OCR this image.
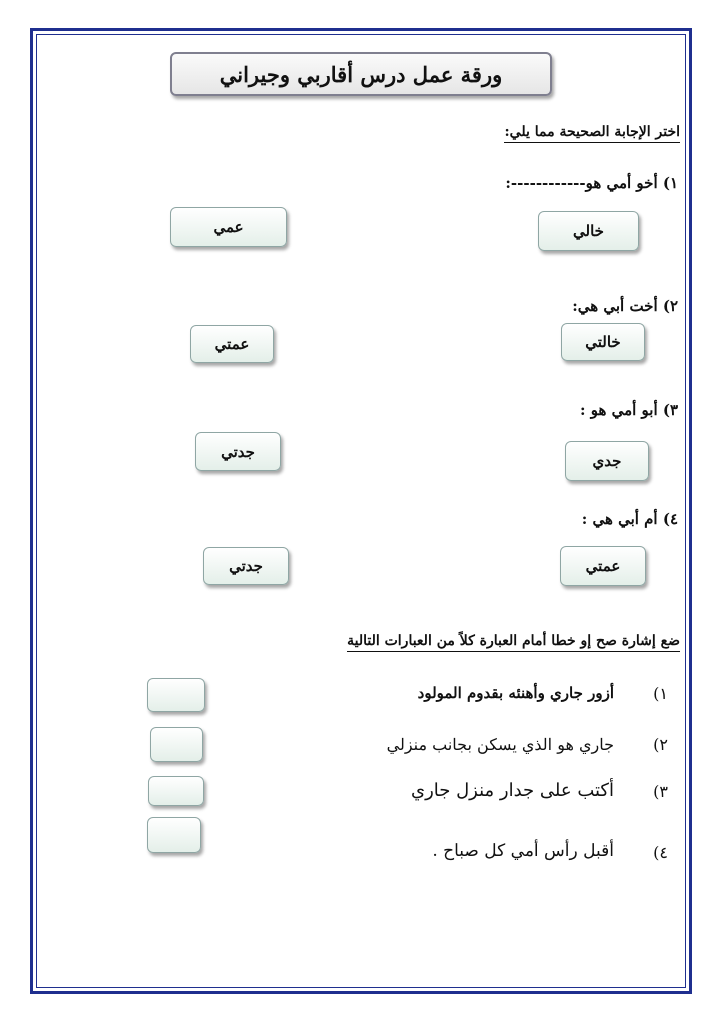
ورقة عمل درس أقاربي وجيراني
اختر الإجابة الصحيحة مما يلي:
١) أخو أمي هو------------:
خالي
عمي
٢) أخت أبي هي:
خالتي
عمتي
٣) أبو أمي هو :
جدي
جدتي
٤) أم أبي هي :
عمتي
جدتي
ضع إشارة صح إو خطا أمام العبارة كلاً من العبارات التالية
١)
أزور جاري وأهنئه بقدوم المولود
٢)
جاري هو الذي يسكن بجانب منزلي
٣)
أكتب على جدار منزل جاري
٤)
أقبل رأس أمي كل صباح .
